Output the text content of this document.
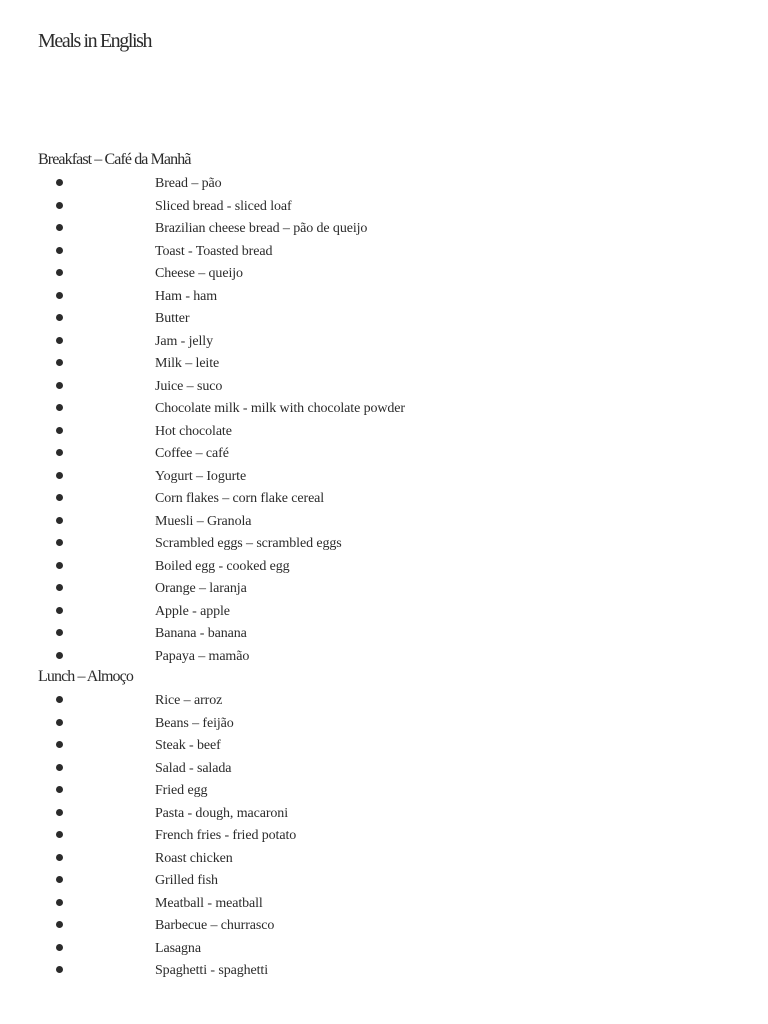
Meals in English
Breakfast – Café da Manhã
Bread – pão
Sliced bread - sliced loaf
Brazilian cheese bread – pão de queijo
Toast - Toasted bread
Cheese – queijo
Ham - ham
Butter
Jam - jelly
Milk – leite
Juice – suco
Chocolate milk - milk with chocolate powder
Hot chocolate
Coffee – café
Yogurt – Iogurte
Corn flakes – corn flake cereal
Muesli – Granola
Scrambled eggs – scrambled eggs
Boiled egg - cooked egg
Orange – laranja
Apple - apple
Banana - banana
Papaya – mamão
Lunch – Almoço
Rice – arroz
Beans – feijão
Steak - beef
Salad - salada
Fried egg
Pasta - dough, macaroni
French fries - fried potato
Roast chicken
Grilled fish
Meatball - meatball
Barbecue – churrasco
Lasagna
Spaghetti - spaghetti
